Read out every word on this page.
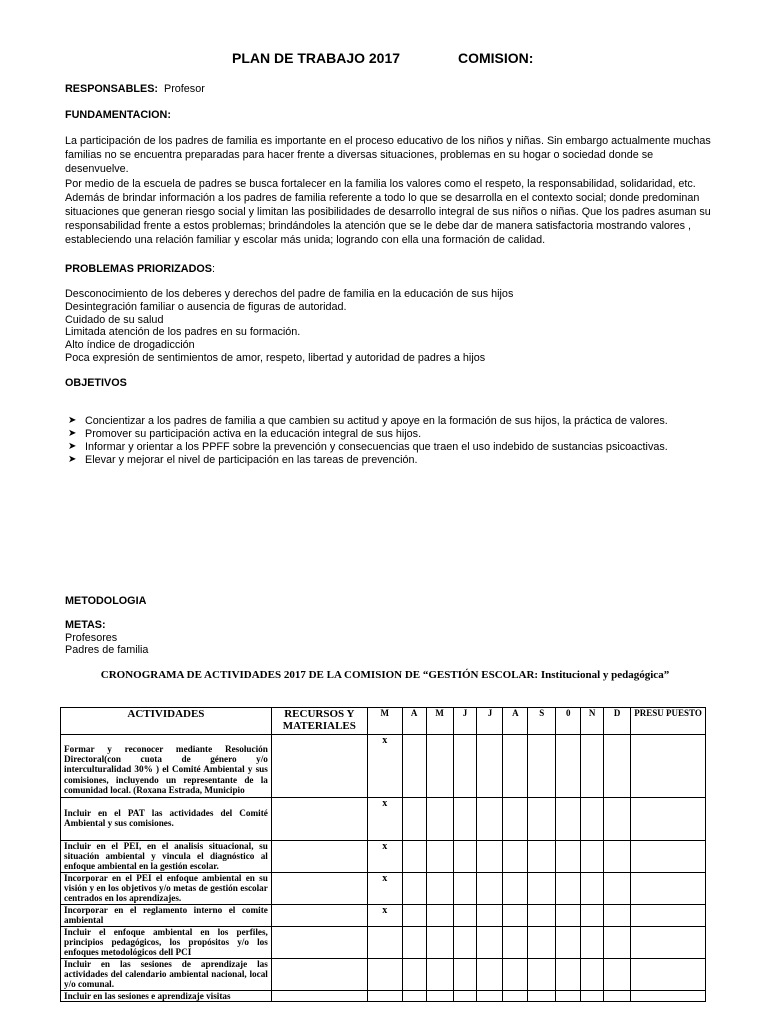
PLAN DE TRABAJO 2017	COMISION:
RESPONSABLES: Profesor
FUNDAMENTACION:

La participación de los padres de familia es importante en el proceso educativo de los niños y niñas. Sin embargo actualmente muchas familias no se encuentra preparadas para hacer frente a diversas situaciones, problemas en su hogar o sociedad donde se desenvuelve.

Por medio de la escuela de padres se busca fortalecer en la familia los valores como el respeto, la responsabilidad, solidaridad, etc. Además de brindar información a los padres de familia referente a todo lo que se desarrolla en el contexto social; donde predominan situaciones que generan riesgo social y limitan las posibilidades de desarrollo integral de sus niños o niñas. Que los padres asuman su responsabilidad frente a estos problemas; brindándoles la atención que se le debe dar de manera satisfactoria mostrando valores , estableciendo una relación familiar y escolar más unida; logrando con ella una formación de calidad.

PROBLEMAS PRIORIZADOS:
Desconocimiento de los deberes y derechos del padre de familia en la educación de sus hijos
Desintegración familiar o ausencia de figuras de autoridad.
Cuidado de su salud
Limitada atención de los padres en su formación.
Alto índice de drogadicción
Poca expresión de sentimientos de amor, respeto, libertad y autoridad de padres a hijos
OBJETIVOS
➤ Concientizar a los padres de familia a que cambien su actitud y apoye en la formación de sus hijos, la práctica de valores.
➤ Promover su participación activa en la educación integral de sus hijos.
➤ Informar y orientar a los PPFF sobre la prevención y consecuencias que traen el uso indebido de sustancias psicoactivas.
➤ Elevar y mejorar el nivel de participación en las tareas de prevención.
METODOLOGIA
METAS:
Profesores
Padres de familia
CRONOGRAMA DE ACTIVIDADES 2017 DE LA COMISION DE “GESTIÓN ESCOLAR: Institucional y pedagógica”
ACTIVIDADES	RECURSOS Y MATERIALES	M	A	M	J	J	A	S	0	N	D	PRESU PUESTO
Formar y reconocer mediante Resolución Directoral(con cuota de género y/o interculturalidad 30% ) el Comité Ambiental y sus comisiones, incluyendo un representante de la comunidad local. (Roxana Estrada, Municipio		x										
Incluir en el PAT las actividades del Comité Ambiental y sus comisiones.		x										
Incluir en el PEI, en el analisis situacional, su situación ambiental y vincula el diagnóstico al enfoque ambiental en la gestión escolar.		x										
Incorporar en el PEI el enfoque ambiental en su visión y en los objetivos y/o metas de gestión escolar centrados en los aprendizajes.		x										
Incorporar en el reglamento interno el comite ambiental		x										
Incluir el enfoque ambiental en los perfiles, principios pedagógicos, los propósitos y/o los enfoques metodológicos dell PCI												
Incluir en las sesiones de aprendizaje las actividades del calendario ambiental nacional, local y/o comunal.												
Incluir en las sesiones e aprendizaje visitas												
